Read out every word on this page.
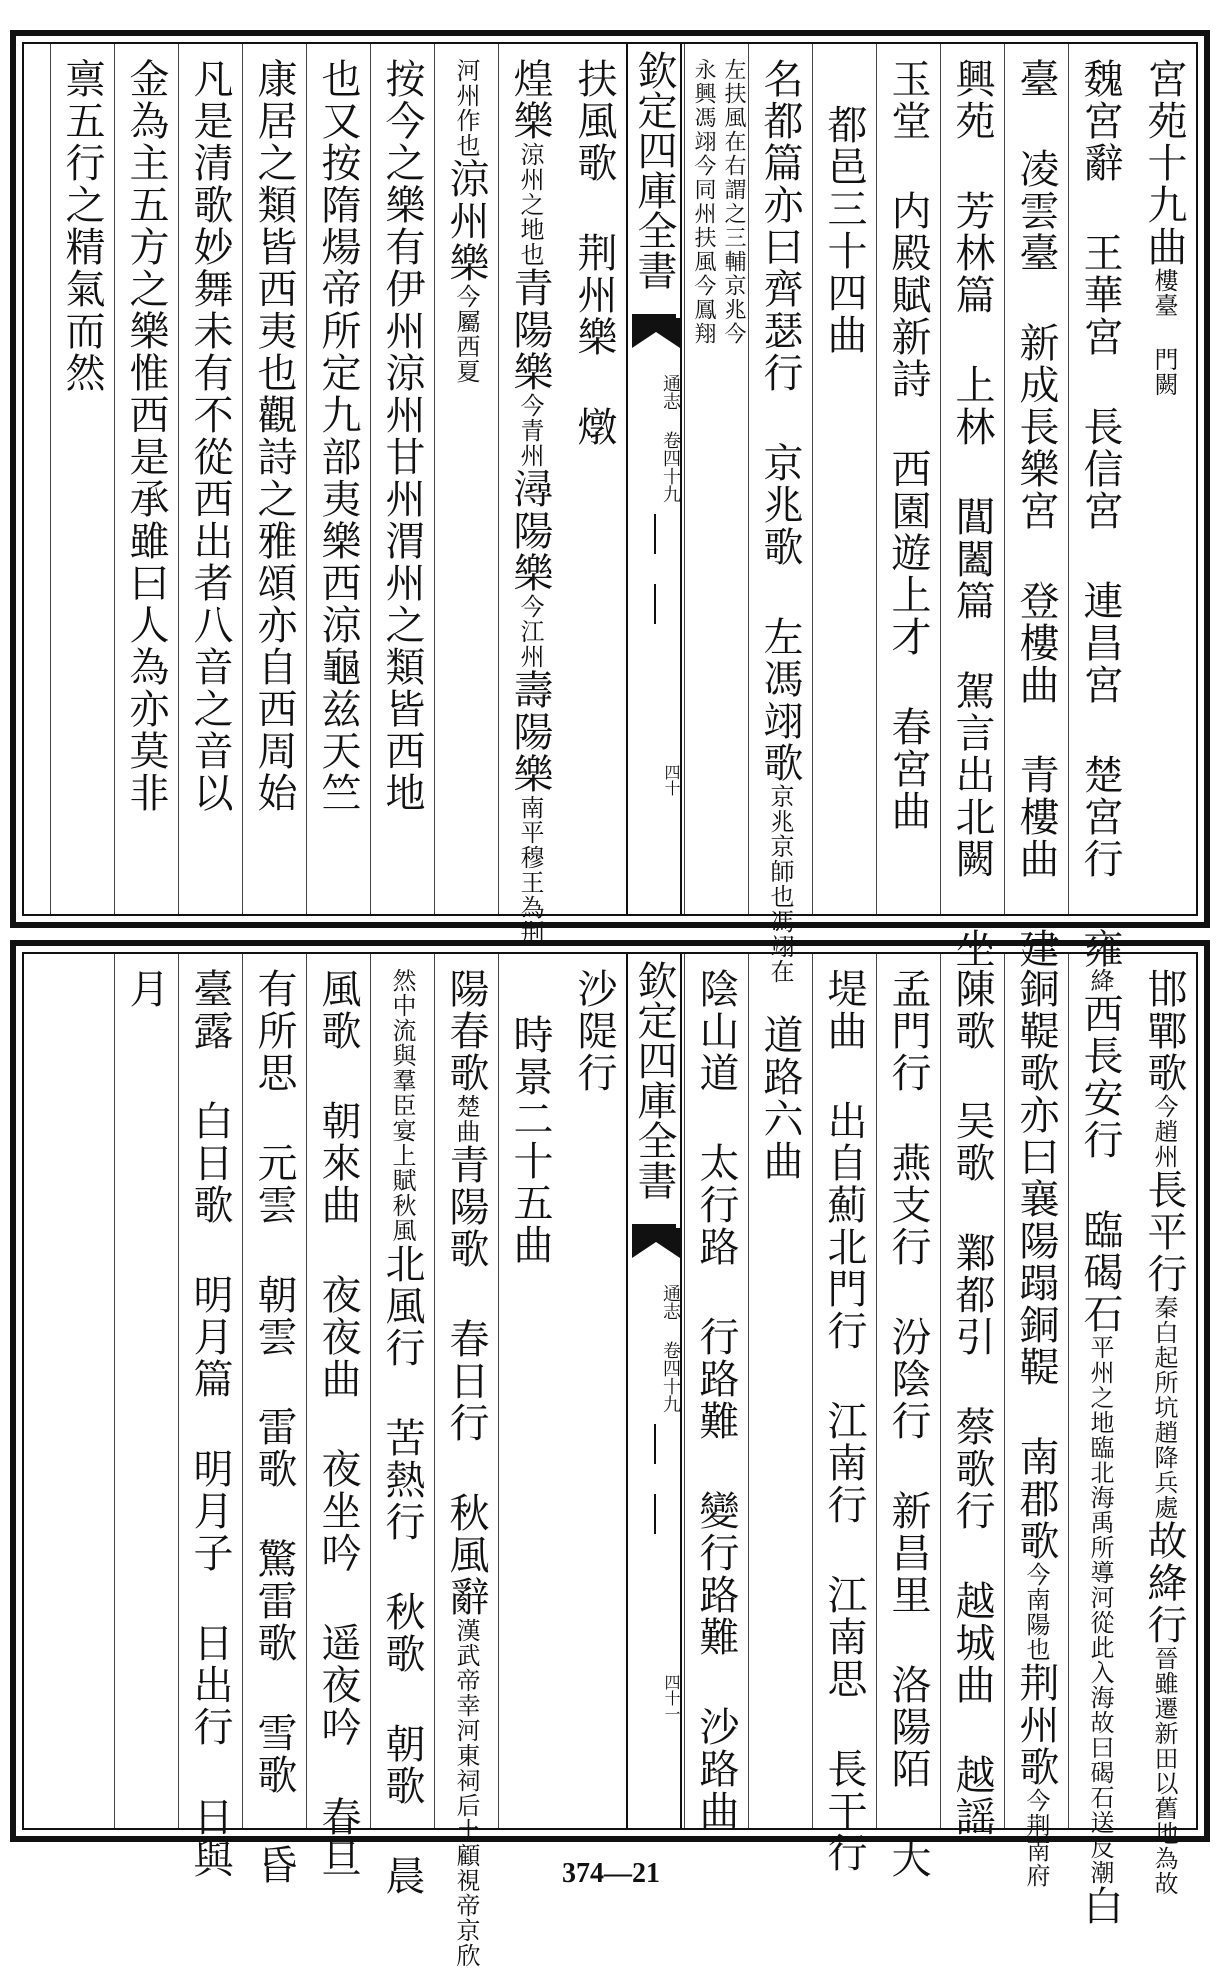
宮苑十九曲樓臺 門闕
魏宮辭 王華宮 長信宮 連昌宮 楚宮行 雍
臺 凌雲臺 新成長樂宮 登樓曲 青樓曲 建
興苑 芳林篇 上林 閶闔篇 駕言出北闕 坐
玉堂 内殿賦新詩 西園遊上才 春宮曲
都邑三十四曲
名都篇亦曰齊瑟行 京兆歌 左馮翊歌京兆京師也馮翊在
左扶風在右謂之三輔京兆今
永興馮翊今同州扶風今鳳翔
欽定四庫全書
通志 卷四十九
四十
扶風歌 荆州樂 燉
煌樂涼州之地也青陽樂今青州潯陽樂今江州壽陽樂南平穆王為荆
河州作也涼州樂今屬西夏
按今之樂有伊州涼州甘州渭州之類皆西地
也又按隋煬帝所定九部夷樂西涼龜兹天竺
康居之類皆西夷也觀詩之雅頌亦自西周始
凡是清歌妙舞未有不從西出者八音之音以
金為主五方之樂惟西是承雖曰人為亦莫非
禀五行之精氣而然
邯鄲歌今趙州長平行秦白起所坑趙降兵處故絳行晉雖遷新田以舊地為故
絳西長安行 臨碣石平州之地臨北海禹所導河從此入海故曰碣石送反潮白
銅鞮歌亦曰襄陽蹋銅鞮 南郡歌今南陽也荆州歌今荆南府
陳歌 吴歌 鄴都引 蔡歌行 越城曲 越謡
孟門行 燕支行 汾陰行 新昌里 洛陽陌 大
堤曲 出自薊北門行 江南行 江南思 長干行
道路六曲
陰山道 太行路 行路難 變行路難 沙路曲
欽定四庫全書
通志 卷四十九
四十一
沙隄行
時景二十五曲
陽春歌楚曲青陽歌 春日行 秋風辭漢武帝幸河東祠后土顧視帝京欣
然中流與羣臣宴上賦秋風北風行 苦熱行 秋歌 朝歌 晨
風歌 朝來曲 夜夜曲 夜坐吟 遥夜吟 春旦
有所思 元雲 朝雲 雷歌 驚雷歌 雪歌 昏
臺露 白日歌 明月篇 明月子 日出行 日與
月
374—21
